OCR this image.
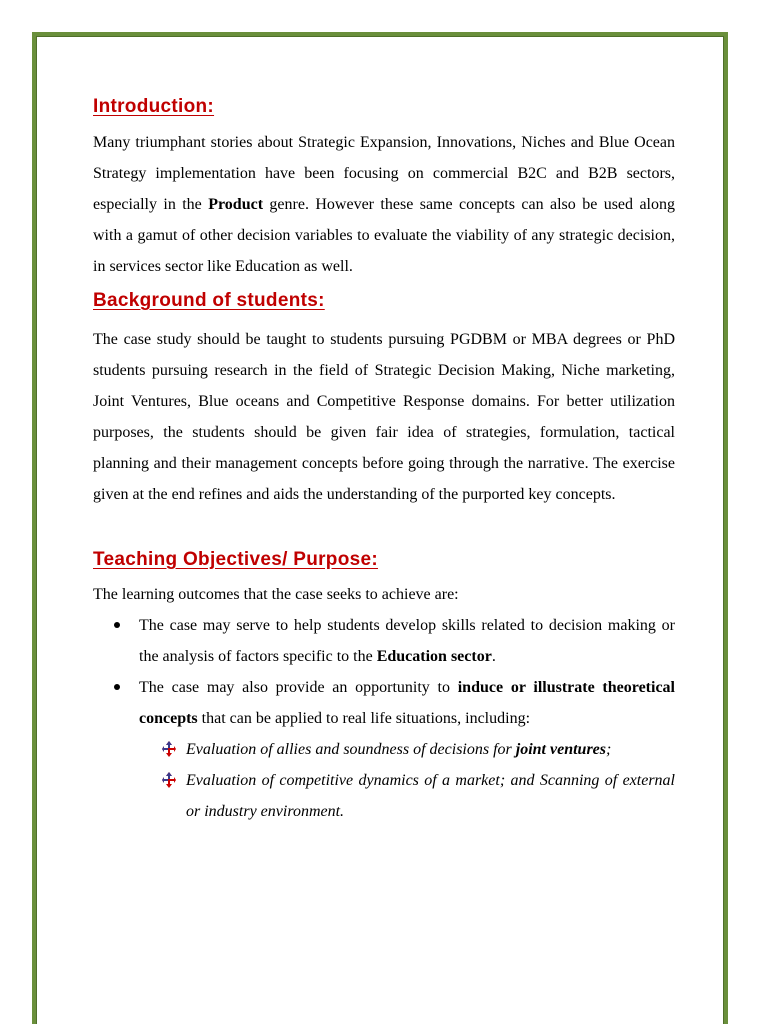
Introduction:

Many triumphant stories about Strategic Expansion, Innovations, Niches and Blue Ocean Strategy implementation have been focusing on commercial B2C and B2B sectors, especially in the Product genre. However these same concepts can also be used along with a gamut of other decision variables to evaluate the viability of any strategic decision, in services sector like Education as well.

Background of students:

The case study should be taught to students pursuing PGDBM or MBA degrees or PhD students pursuing research in the field of Strategic Decision Making, Niche marketing, Joint Ventures, Blue oceans and Competitive Response domains. For better utilization purposes, the students should be given fair idea of strategies, formulation, tactical planning and their management concepts before going through the narrative. The exercise given at the end refines and aids the understanding of the purported key concepts.

Teaching Objectives/ Purpose:

The learning outcomes that the case seeks to achieve are:

The case may serve to help students develop skills related to decision making or the analysis of factors specific to the Education sector.
The case may also provide an opportunity to induce or illustrate theoretical concepts that can be applied to real life situations, including:
Evaluation of allies and soundness of decisions for joint ventures;
Evaluation of competitive dynamics of a market; and Scanning of external or industry environment.
